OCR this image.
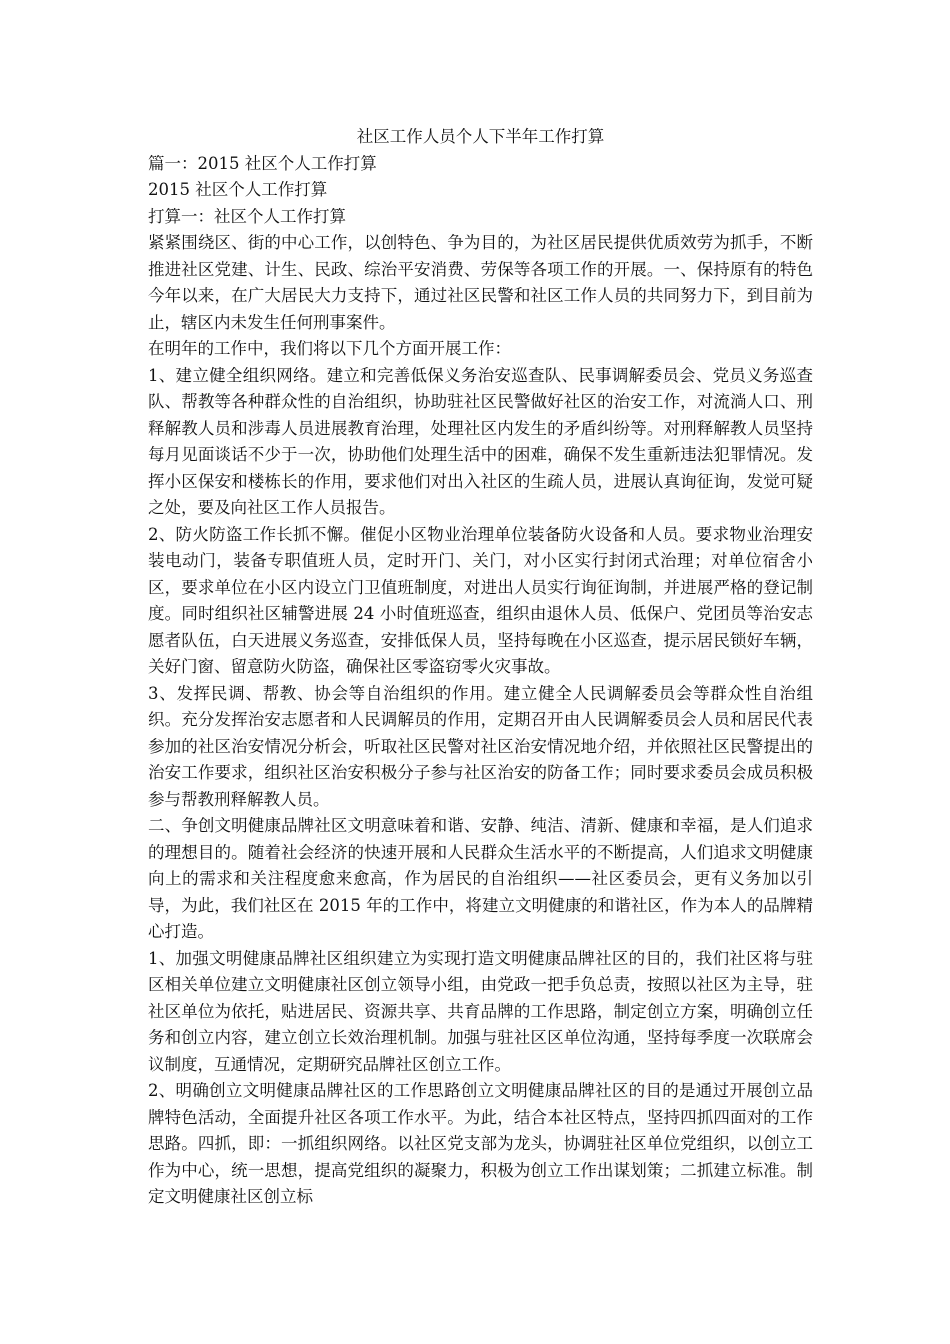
社区工作人员个人下半年工作打算

篇一：2015 社区个人工作打算

2015 社区个人工作打算

打算一：社区个人工作打算

紧紧围绕区、街的中心工作，以创特色、争为目的，为社区居民提供优质效劳为抓手，不断推进社区党建、计生、民政、综治平安消费、劳保等各项工作的开展。一、保持原有的特色今年以来，在广大居民大力支持下，通过社区民警和社区工作人员的共同努力下，到目前为止，辖区内未发生任何刑事案件。

在明年的工作中，我们将以下几个方面开展工作：

1、建立健全组织网络。建立和完善低保义务治安巡查队、民事调解委员会、党员义务巡查队、帮教等各种群众性的自治组织，协助驻社区民警做好社区的治安工作，对流淌人口、刑释解教人员和涉毒人员进展教育治理，处理社区内发生的矛盾纠纷等。对刑释解教人员坚持每月见面谈话不少于一次，协助他们处理生活中的困难，确保不发生重新违法犯罪情况。发挥小区保安和楼栋长的作用，要求他们对出入社区的生疏人员，进展认真询征询，发觉可疑之处，要及向社区工作人员报告。

2、防火防盗工作长抓不懈。催促小区物业治理单位装备防火设备和人员。要求物业治理安装电动门，装备专职值班人员，定时开门、关门，对小区实行封闭式治理；对单位宿舍小区，要求单位在小区内设立门卫值班制度，对进出人员实行询征询制，并进展严格的登记制度。同时组织社区辅警进展 24 小时值班巡查，组织由退休人员、低保户、党团员等治安志愿者队伍，白天进展义务巡查，安排低保人员，坚持每晚在小区巡查，提示居民锁好车辆，关好门窗、留意防火防盗，确保社区零盗窃零火灾事故。

3、发挥民调、帮教、协会等自治组织的作用。建立健全人民调解委员会等群众性自治组织。充分发挥治安志愿者和人民调解员的作用，定期召开由人民调解委员会人员和居民代表参加的社区治安情况分析会，听取社区民警对社区治安情况地介绍，并依照社区民警提出的治安工作要求，组织社区治安积极分子参与社区治安的防备工作；同时要求委员会成员积极参与帮教刑释解教人员。

二、争创文明健康品牌社区文明意味着和谐、安静、纯洁、清新、健康和幸福，是人们追求的理想目的。随着社会经济的快速开展和人民群众生活水平的不断提高，人们追求文明健康向上的需求和关注程度愈来愈高，作为居民的自治组织——社区委员会，更有义务加以引导，为此，我们社区在 2015 年的工作中，将建立文明健康的和谐社区，作为本人的品牌精心打造。

1、加强文明健康品牌社区组织建立为实现打造文明健康品牌社区的目的，我们社区将与驻区相关单位建立文明健康社区创立领导小组，由党政一把手负总责，按照以社区为主导，驻社区单位为依托，贴进居民、资源共享、共育品牌的工作思路，制定创立方案，明确创立任务和创立内容，建立创立长效治理机制。加强与驻社区区单位沟通，坚持每季度一次联席会议制度，互通情况，定期研究品牌社区创立工作。

2、明确创立文明健康品牌社区的工作思路创立文明健康品牌社区的目的是通过开展创立品牌特色活动，全面提升社区各项工作水平。为此，结合本社区特点，坚持四抓四面对的工作思路。四抓，即：一抓组织网络。以社区党支部为龙头，协调驻社区单位党组织，以创立工作为中心，统一思想，提高党组织的凝聚力，积极为创立工作出谋划策；二抓建立标准。制定文明健康社区创立标
